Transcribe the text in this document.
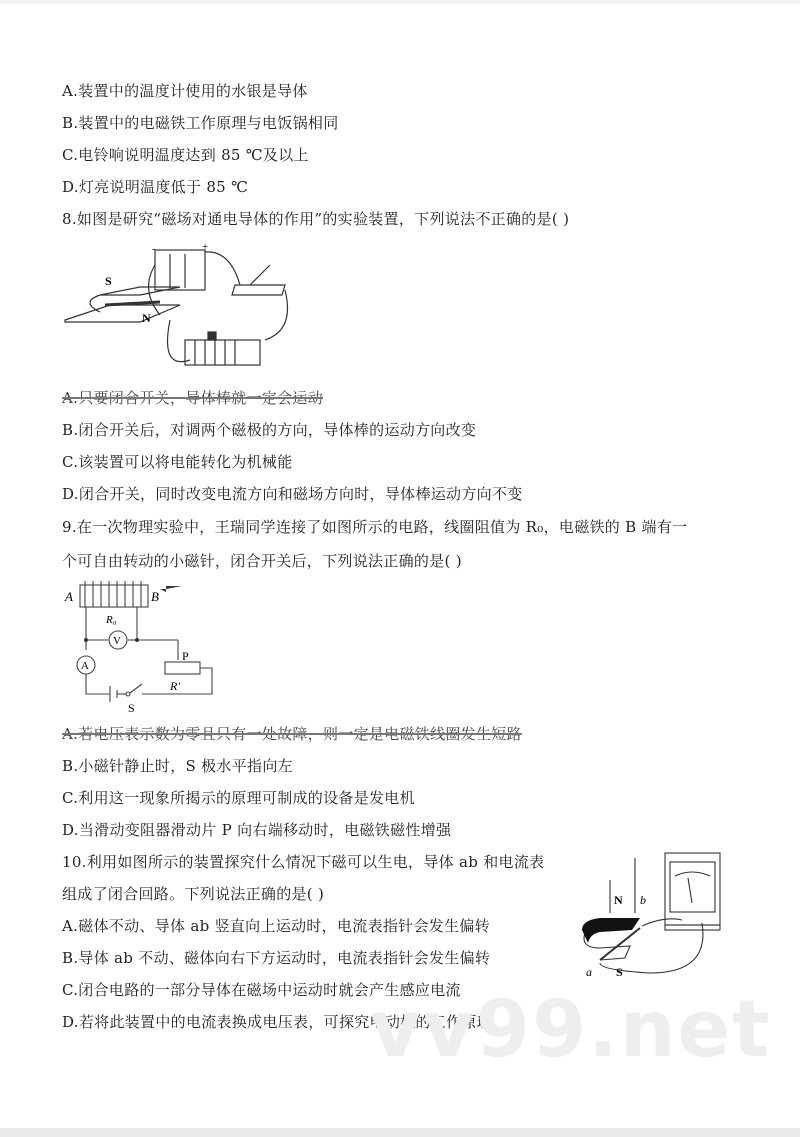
A.装置中的温度计使用的水银是导体
B.装置中的电磁铁工作原理与电饭锅相同
C.电铃响说明温度达到 85 ℃及以上
D.灯亮说明温度低于 85 ℃
8.如图是研究“磁场对通电导体的作用”的实验装置，下列说法不正确的是( )
S
N
-	+
A.只要闭合开关，导体棒就一定会运动
B.闭合开关后，对调两个磁极的方向，导体棒的运动方向改变
C.该装置可以将电能转化为机械能
D.闭合开关，同时改变电流方向和磁场方向时，导体棒运动方向不变
9.在一次物理实验中，王瑞同学连接了如图所示的电路，线圈阻值为 R₀，电磁铁的 B 端有一
个可自由转动的小磁针，闭合开关后，下列说法正确的是( )
A	B
R₀
V
A
P
R'
S
A.若电压表示数为零且只有一处故障，则一定是电磁铁线圈发生短路
B.小磁针静止时，S 极水平指向左
C.利用这一现象所揭示的原理可制成的设备是发电机
D.当滑动变阻器滑动片 P 向右端移动时，电磁铁磁性增强
10.利用如图所示的装置探究什么情况下磁可以生电，导体 ab 和电流表
组成了闭合回路。下列说法正确的是( )
A.磁体不动、导体 ab 竖直向上运动时，电流表指针会发生偏转
B.导体 ab 不动、磁体向右下方运动时，电流表指针会发生偏转
C.闭合电路的一部分导体在磁场中运动时就会产生感应电流
D.若将此装置中的电流表换成电压表，可探究电动机的工作原理
N b
a S
vv99.net
